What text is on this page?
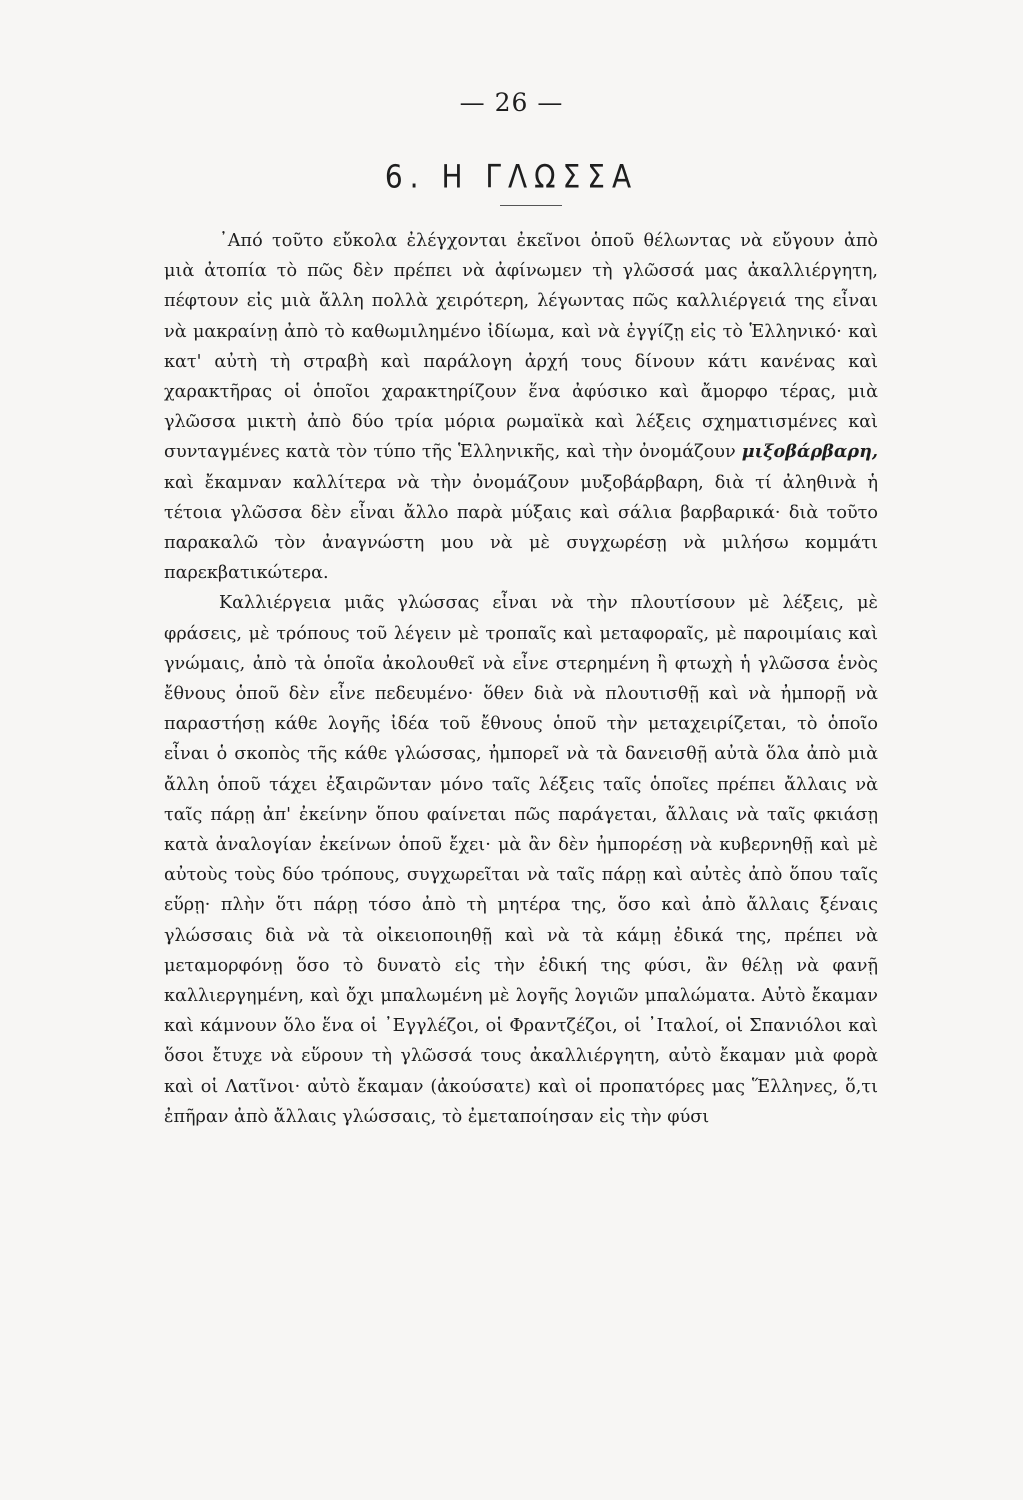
— 26 —
6. Η ΓΛΩΣΣΑ

᾿Από τοῦτο εὔκολα ἐλέγχονται ἐκεῖνοι ὁποῦ θέλωντας νὰ εὔγουν ἀπὸ μιὰ ἀτοπία τὸ πῶς δὲν πρέπει νὰ ἀφίνωμεν τὴ γλῶσσά μας ἀκαλλιέργητη, πέφτουν εἰς μιὰ ἄλλη πολλὰ χειρότερη, λέγωντας πῶς καλλιέργειά της εἶναι νὰ μακραίνῃ ἀπὸ τὸ καθωμιλημένο ἰδίωμα, καὶ νὰ ἐγγίζῃ εἰς τὸ Ἑλληνικό· καὶ κατ' αὐτὴ τὴ στραβὴ καὶ παράλογη ἀρχή τους δίνουν κάτι κανένας καὶ χαρακτῆρας οἱ ὁποῖοι χαρακτηρίζουν ἕνα ἀφύσικο καὶ ἄμορφο τέρας, μιὰ γλῶσσα μικτὴ ἀπὸ δύο τρία μόρια ρωμαϊκὰ καὶ λέξεις σχηματισμένες καὶ συνταγμένες κατὰ τὸν τύπο τῆς Ἑλληνικῆς, καὶ τὴν ὀνομάζουν μιξοβάρβαρη, καὶ ἔκαμναν καλλίτερα νὰ τὴν ὀνομάζουν μυξοβάρβαρη, διὰ τί ἀληθινὰ ἡ τέτοια γλῶσσα δὲν εἶναι ἄλλο παρὰ μύξαις καὶ σάλια βαρβαρικά· διὰ τοῦτο παρακαλῶ τὸν ἀναγνώστη μου νὰ μὲ συγχωρέσῃ νὰ μιλήσω κομμάτι παρεκβατικώτερα.

Καλλιέργεια μιᾶς γλώσσας εἶναι νὰ τὴν πλουτίσουν μὲ λέξεις, μὲ φράσεις, μὲ τρόπους τοῦ λέγειν μὲ τροπαῖς καὶ μεταφοραῖς, μὲ παροιμίαις καὶ γνώμαις, ἀπὸ τὰ ὁποῖα ἀκολουθεῖ νὰ εἶνε στερημένη ἢ φτωχὴ ἡ γλῶσσα ἑνὸς ἔθνους ὁποῦ δὲν εἶνε πεδευμένο· ὅθεν διὰ νὰ πλουτισθῇ καὶ νὰ ἠμπορῇ νὰ παραστήσῃ κάθε λογῆς ἰδέα τοῦ ἔθνους ὁποῦ τὴν μεταχειρίζεται, τὸ ὁποῖο εἶναι ὁ σκοπὸς τῆς κάθε γλώσσας, ἠμπορεῖ νὰ τὰ δανεισθῇ αὐτὰ ὅλα ἀπὸ μιὰ ἄλλη ὁποῦ τάχει ἐξαιρῶνταν μόνο ταῖς λέξεις ταῖς ὁποῖες πρέπει ἄλλαις νὰ ταῖς πάρῃ ἀπ' ἐκείνην ὅπου φαίνεται πῶς παράγεται, ἄλλαις νὰ ταῖς φκιάσῃ κατὰ ἀναλογίαν ἐκείνων ὁποῦ ἔχει· μὰ ἂν δὲν ἠμπορέσῃ νὰ κυβερνηθῇ καὶ μὲ αὐτοὺς τοὺς δύο τρόπους, συγχωρεῖται νὰ ταῖς πάρῃ καὶ αὐτὲς ἀπὸ ὅπου ταῖς εὕρῃ· πλὴν ὅτι πάρῃ τόσο ἀπὸ τὴ μητέρα της, ὅσο καὶ ἀπὸ ἄλλαις ξέναις γλώσσαις διὰ νὰ τὰ οἰκειοποιηθῇ καὶ νὰ τὰ κάμῃ ἐδικά της, πρέπει νὰ μεταμορφόνῃ ὅσο τὸ δυνατὸ εἰς τὴν ἐδική της φύσι, ἂν θέλῃ νὰ φανῇ καλλιεργημένη, καὶ ὄχι μπαλωμένη μὲ λογῆς λογιῶν μπαλώματα. Αὐτὸ ἔκαμαν καὶ κάμνουν ὅλο ἕνα οἱ ᾿Εγγλέζοι, οἱ Φραντζέζοι, οἱ ᾿Ιταλοί, οἱ Σπανιόλοι καὶ ὅσοι ἔτυχε νὰ εὕρουν τὴ γλῶσσά τους ἀκαλλιέργητη, αὐτὸ ἔκαμαν μιὰ φορὰ καὶ οἱ Λατῖνοι· αὐτὸ ἔκαμαν (ἀκούσατε) καὶ οἱ προπατόρες μας Ἕλληνες, ὅ,τι ἐπῆραν ἀπὸ ἄλλαις γλώσσαις, τὸ ἐμεταποίησαν εἰς τὴν φύσι
